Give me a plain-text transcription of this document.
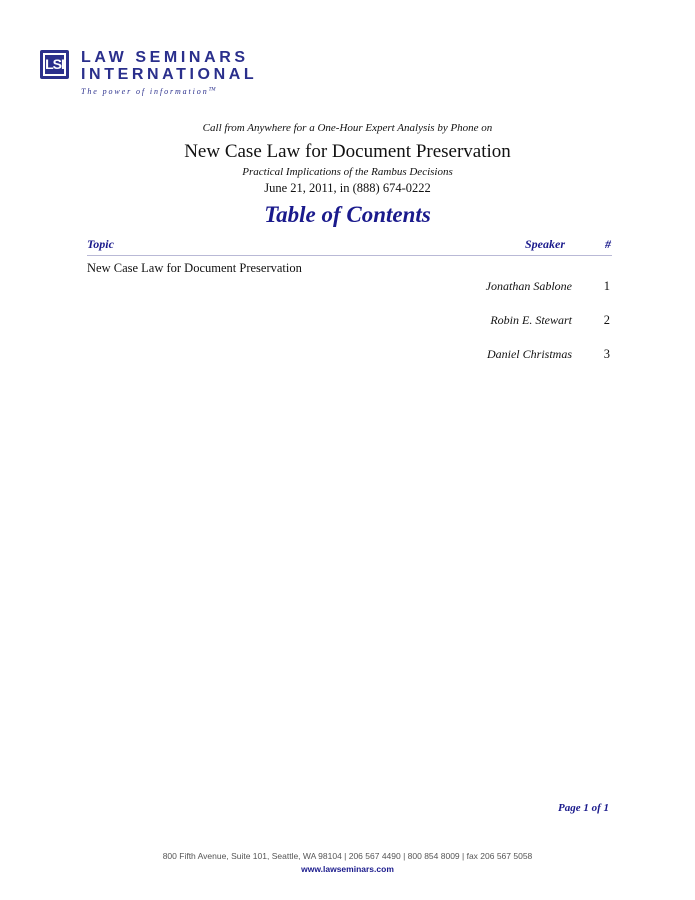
LSI LAW SEMINARS
INTERNATIONAL
The power of information™
Call from Anywhere for a One-Hour Expert Analysis by Phone on
New Case Law for Document Preservation
Practical Implications of the Rambus Decisions
June 21, 2011, in (888) 674-0222
Table of Contents
Topic	Speaker	#
New Case Law for Document Preservation
Jonathan Sablone	1
Robin E. Stewart	2
Daniel Christmas	3
Page 1 of 1
800 Fifth Avenue, Suite 101, Seattle, WA 98104 | 206 567 4490 | 800 854 8009 | fax 206 567 5058
www.lawseminars.com
